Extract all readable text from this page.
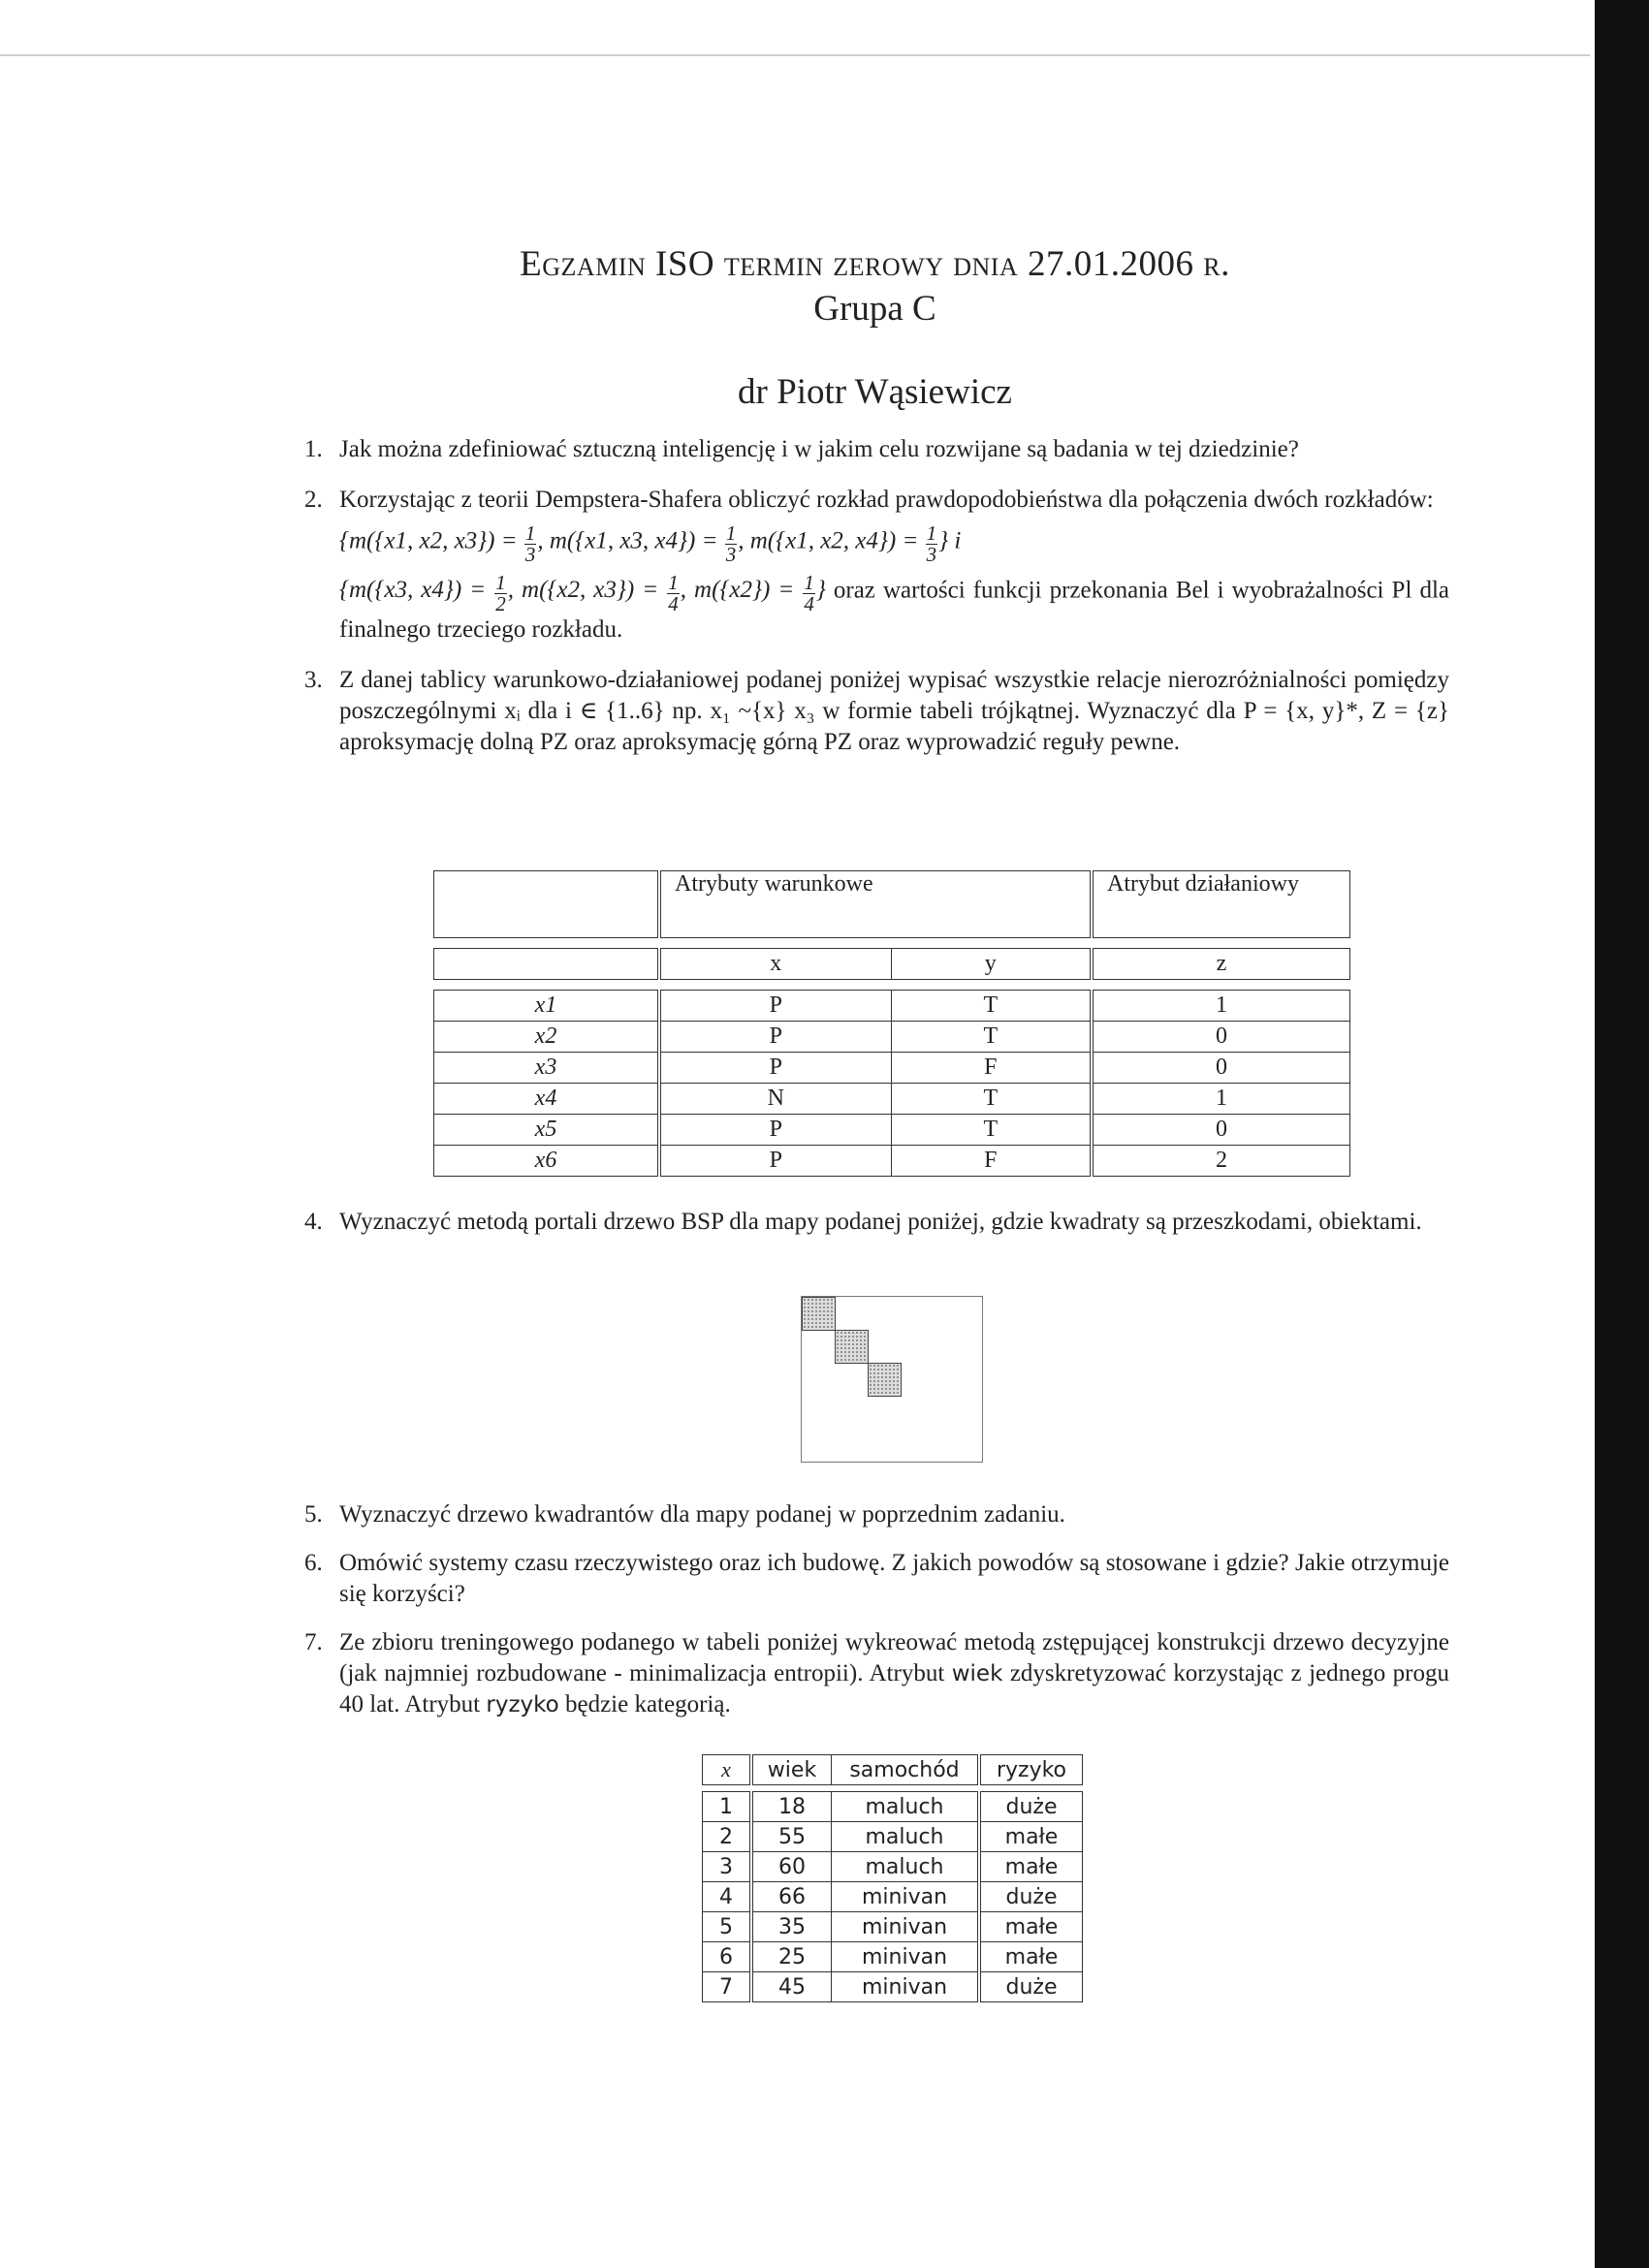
Egzamin ISO termin zerowy dnia 27.01.2006 r.
Grupa C
dr Piotr Wąsiewicz
1. Jak można zdefiniować sztuczną inteligencję i w jakim celu rozwijane są badania w tej dziedzinie?
2. Korzystając z teorii Dempstera-Shafera obliczyć rozkład prawdopodobieństwa dla połączenia dwóch rozkładów:
{m({x1, x2, $x3\}) = \frac{1}{3}$ , m({x1, x3, $x4\}) = \frac{1}{3}$ , m({x1, x2, $x4\}) = \frac{1}{3}$ } i
{m({x3, $x4\}) = \frac{1}{2}$ , m({x2, $x3\}) = \frac{1}{4}$ , $m(\{x2\}) = \frac{1}{4}$ } oraz wartości funkcji przekonania Bel i wyobrażalności Pl dla finalnego trzeciego rozkładu.
3. Z danej tablicy warunkowo-działaniowej podanej poniżej wypisać wszystkie relacje nierozróżnialności pomiędzy poszczególnymi xᵢ dla i ∈ {1..6} np. x₁ ~{x} x₃ w formie tabeli trójkątnej. Wyznaczyć dla P = {x, y}*, Z = {z} aproksymację dolną PZ oraz aproksymację górną PZ oraz wyprowadzić reguły pewne.
	Atrybuty warunkowe		Atrybut działaniowy

	x	y	z

x1	P	T	1
x2	P	T	0
x3	P	F	0
x4	N	T	1
x5	P	T	0
x6	P	F	2
4. Wyznaczyć metodą portali drzewo BSP dla mapy podanej poniżej, gdzie kwadraty są przeszkodami, obiektami.
5. Wyznaczyć drzewo kwadrantów dla mapy podanej w poprzednim zadaniu.
6. Omówić systemy czasu rzeczywistego oraz ich budowę. Z jakich powodów są stosowane i gdzie? Jakie otrzymuje się korzyści?
7. Ze zbioru treningowego podanego w tabeli poniżej wykreować metodą zstępującej konstrukcji drzewo decyzyjne (jak najmniej rozbudowane - minimalizacja entropii). Atrybut wiek zdyskretyzować korzystając z jednego progu 40 lat. Atrybut ryzyko będzie kategorią.
x	wiek	samochód	ryzyko

1	18	maluch	duże
2	55	maluch	małe
3	60	maluch	małe
4	66	minivan	duże
5	35	minivan	małe
6	25	minivan	małe
7	45	minivan	duże
